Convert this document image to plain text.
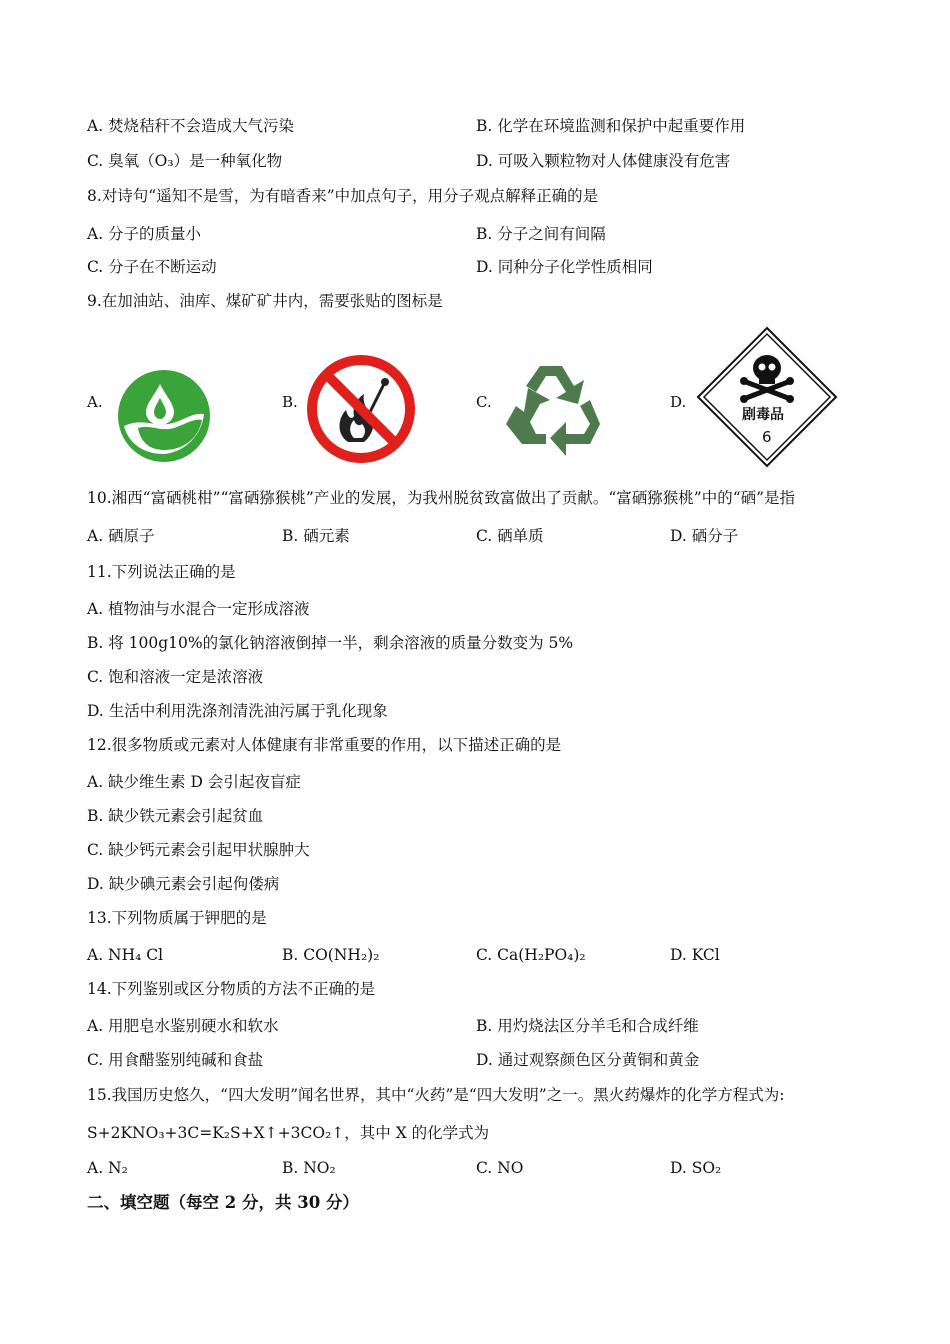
A. 焚烧秸秆不会造成大气污染	B. 化学在环境监测和保护中起重要作用
C. 臭氧（O₃）是一种氧化物	D. 可吸入颗粒物对人体健康没有危害
8.对诗句“遥知不是雪，为有暗香来”中加点句子，用分子观点解释正确的是
A. 分子的质量小	B. 分子之间有间隔
C. 分子在不断运动	D. 同种分子化学性质相同
9.在加油站、油库、煤矿矿井内，需要张贴的图标是
A.	B.	C.	D.
剧毒品
6
10.湘西“富硒桃柑”“富硒猕猴桃”产业的发展，为我州脱贫致富做出了贡献。“富硒猕猴桃”中的“硒”是指
A. 硒原子	B. 硒元素	C. 硒单质	D. 硒分子
11.下列说法正确的是
A. 植物油与水混合一定形成溶液
B. 将 100g10%的氯化钠溶液倒掉一半，剩余溶液的质量分数变为 5%
C. 饱和溶液一定是浓溶液
D. 生活中利用洗涤剂清洗油污属于乳化现象
12.很多物质或元素对人体健康有非常重要的作用，以下描述正确的是
A. 缺少维生素 D 会引起夜盲症
B. 缺少铁元素会引起贫血
C. 缺少钙元素会引起甲状腺肿大
D. 缺少碘元素会引起佝偻病
13.下列物质属于钾肥的是
A. NH₄ Cl	B. CO(NH₂)₂	C. Ca(H₂PO₄)₂	D. KCl
14.下列鉴别或区分物质的方法不正确的是
A. 用肥皂水鉴别硬水和软水	B. 用灼烧法区分羊毛和合成纤维
C. 用食醋鉴别纯碱和食盐	D. 通过观察颜色区分黄铜和黄金
15.我国历史悠久，“四大发明”闻名世界，其中“火药”是“四大发明”之一。黑火药爆炸的化学方程式为:
S+2KNO₃+3C=K₂S+X↑+3CO₂↑，其中 X 的化学式为
A. N₂	B. NO₂	C. NO	D. SO₂
二、填空题（每空 2 分，共 30 分）
